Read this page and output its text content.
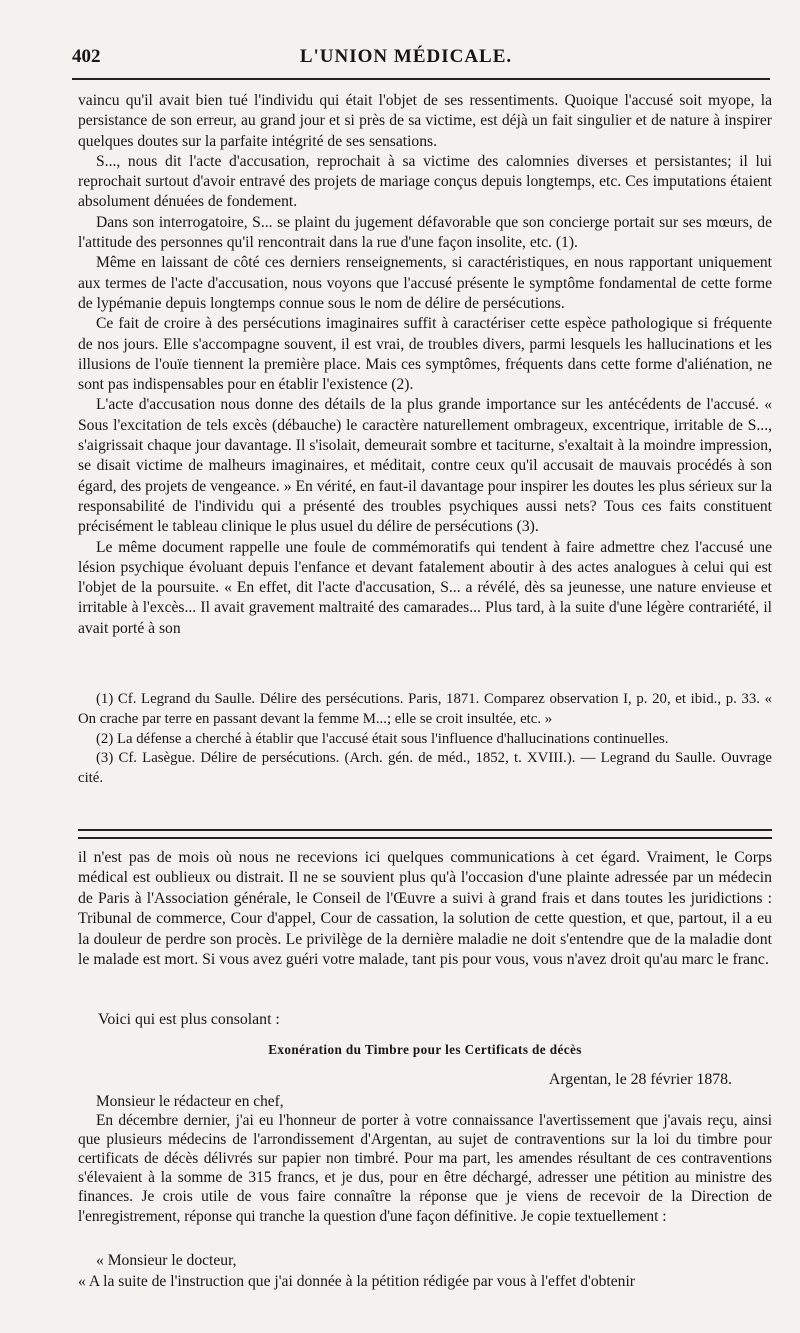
402	L'UNION MÉDICALE.

vaincu qu'il avait bien tué l'individu qui était l'objet de ses ressentiments. Quoique l'accusé soit myope, la persistance de son erreur, au grand jour et si près de sa victime, est déjà un fait singulier et de nature à inspirer quelques doutes sur la parfaite intégrité de ses sensations.

S..., nous dit l'acte d'accusation, reprochait à sa victime des calomnies diverses et persistantes; il lui reprochait surtout d'avoir entravé des projets de mariage conçus depuis longtemps, etc. Ces imputations étaient absolument dénuées de fondement.

Dans son interrogatoire, S... se plaint du jugement défavorable que son concierge portait sur ses mœurs, de l'attitude des personnes qu'il rencontrait dans la rue d'une façon insolite, etc. (1).

Même en laissant de côté ces derniers renseignements, si caractéristiques, en nous rapportant uniquement aux termes de l'acte d'accusation, nous voyons que l'accusé présente le symptôme fondamental de cette forme de lypémanie depuis longtemps connue sous le nom de délire de persécutions.

Ce fait de croire à des persécutions imaginaires suffit à caractériser cette espèce pathologique si fréquente de nos jours. Elle s'accompagne souvent, il est vrai, de troubles divers, parmi lesquels les hallucinations et les illusions de l'ouïe tiennent la première place. Mais ces symptômes, fréquents dans cette forme d'aliénation, ne sont pas indispensables pour en établir l'existence (2).

L'acte d'accusation nous donne des détails de la plus grande importance sur les antécédents de l'accusé. « Sous l'excitation de tels excès (débauche) le caractère naturellement ombrageux, excentrique, irritable de S..., s'aigrissait chaque jour davantage. Il s'isolait, demeurait sombre et taciturne, s'exaltait à la moindre impression, se disait victime de malheurs imaginaires, et méditait, contre ceux qu'il accusait de mauvais procédés à son égard, des projets de vengeance. » En vérité, en faut-il davantage pour inspirer les doutes les plus sérieux sur la responsabilité de l'individu qui a présenté des troubles psychiques aussi nets? Tous ces faits constituent précisément le tableau clinique le plus usuel du délire de persécutions (3).

Le même document rappelle une foule de commémoratifs qui tendent à faire admettre chez l'accusé une lésion psychique évoluant depuis l'enfance et devant fatalement aboutir à des actes analogues à celui qui est l'objet de la poursuite. « En effet, dit l'acte d'accusation, S... a révélé, dès sa jeunesse, une nature envieuse et irritable à l'excès... Il avait gravement maltraité des camarades... Plus tard, à la suite d'une légère contrariété, il avait porté à son

(1) Cf. Legrand du Saulle. Délire des persécutions. Paris, 1871. Comparez observation I, p. 20, et ibid., p. 33. « On crache par terre en passant devant la femme M...; elle se croit insultée, etc. »

(2) La défense a cherché à établir que l'accusé était sous l'influence d'hallucinations continuelles.

(3) Cf. Lasègue. Délire de persécutions. (Arch. gén. de méd., 1852, t. XVIII.). — Legrand du Saulle. Ouvrage cité.

il n'est pas de mois où nous ne recevions ici quelques communications à cet égard. Vraiment, le Corps médical est oublieux ou distrait. Il ne se souvient plus qu'à l'occasion d'une plainte adressée par un médecin de Paris à l'Association générale, le Conseil de l'Œuvre a suivi à grand frais et dans toutes les juridictions : Tribunal de commerce, Cour d'appel, Cour de cassation, la solution de cette question, et que, partout, il a eu la douleur de perdre son procès. Le privilège de la dernière maladie ne doit s'entendre que de la maladie dont le malade est mort. Si vous avez guéri votre malade, tant pis pour vous, vous n'avez droit qu'au marc le franc.

Voici qui est plus consolant :
Exonération du Timbre pour les Certificats de décès
Argentan, le 28 février 1878.

Monsieur le rédacteur en chef,

En décembre dernier, j'ai eu l'honneur de porter à votre connaissance l'avertissement que j'avais reçu, ainsi que plusieurs médecins de l'arrondissement d'Argentan, au sujet de contraventions sur la loi du timbre pour certificats de décès délivrés sur papier non timbré. Pour ma part, les amendes résultant de ces contraventions s'élevaient à la somme de 315 francs, et je dus, pour en être déchargé, adresser une pétition au ministre des finances. Je crois utile de vous faire connaître la réponse que je viens de recevoir de la Direction de l'enregistrement, réponse qui tranche la question d'une façon définitive. Je copie textuellement :

« Monsieur le docteur,

« A la suite de l'instruction que j'ai donnée à la pétition rédigée par vous à l'effet d'obtenir
